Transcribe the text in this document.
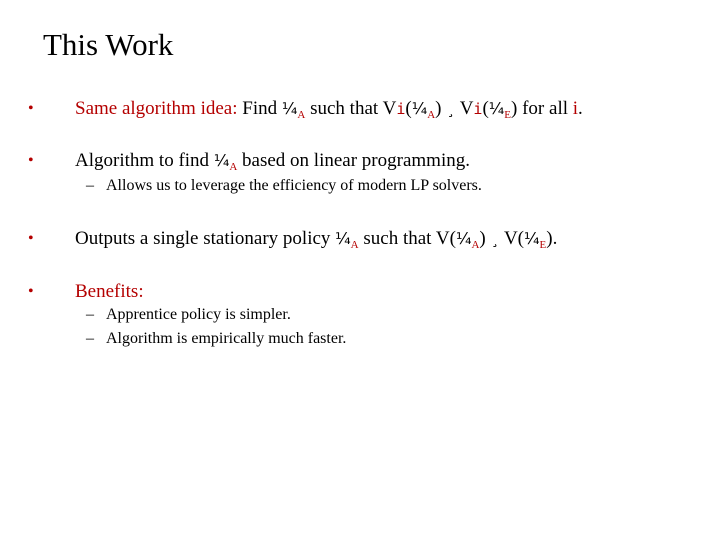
This Work
• Same algorithm idea: Find $\frac{1}{4}_A$ such that $Vi(\frac{1}{4}_A)$ ¸ $Vi(\frac{1}{4}_E)$ for all i.
• Algorithm to find $\frac{1}{4}_A$ based on linear programming.
– Allows us to leverage the efficiency of modern LP solvers.
• Outputs a single stationary policy $\frac{1}{4}_A$ such that $V(\frac{1}{4}_A)$ ¸ $V(\frac{1}{4}_E)$.
• Benefits:
– Apprentice policy is simpler.
– Algorithm is empirically much faster.
